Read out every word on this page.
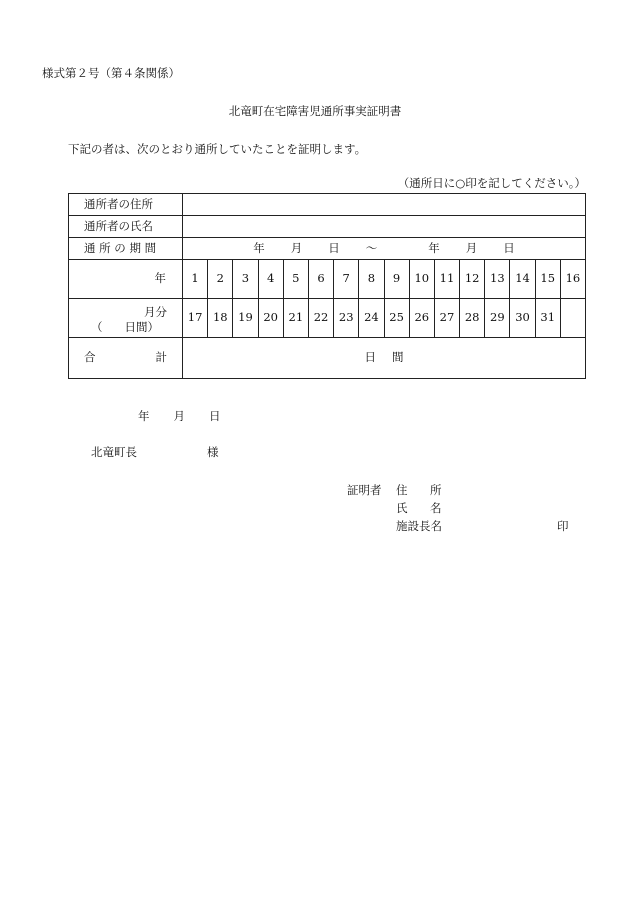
様式第２号（第４条関係）
北竜町在宅障害児通所事実証明書
下記の者は、次のとおり通所していたことを証明します。
（通所日に○印を記してください。）
通所者の住所																
通所者の氏名																
通 所 の 期 間	年 月 日 ～ 年 月 日															
年	1	2	3	4	5	6	7	8	9	10	11	12	13	14	15	16

月分
（ 日間）	17	18	19	20	21	22	23	24	25	26	27	28	29	30	31	

合 計	日 間															
年 月 日
北竜町長	様
証明者 住 所
氏 名
施設長名	印
